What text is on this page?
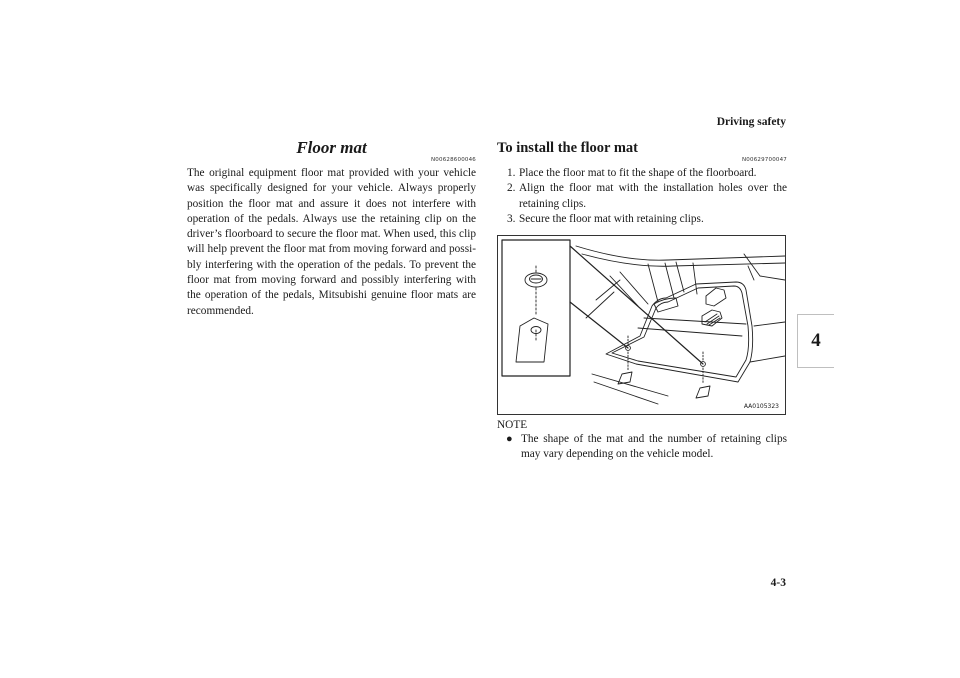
Driving safety
4
Floor mat
N00628600046

The original equipment floor mat provided with your vehicle was specifically designed for your vehicle. Always properly position the floor mat and assure it does not interfere with operation of the pedals. Always use the retaining clip on the driver’s floorboard to secure the floor mat. When used, this clip will help prevent the floor mat from moving forward and possibly interfering with the operation of the pedals. To prevent the floor mat from moving forward and possibly interfering with the operation of the pedals, Mitsubishi genuine floor mats are recommended.

To install the floor mat
N00629700047
1. Place the floor mat to fit the shape of the floorboard.
2. Align the floor mat with the installation holes over the retaining clips.
3. Secure the floor mat with retaining clips.
AA0105323
NOTE
● The shape of the mat and the number of retaining clips may vary depending on the vehicle model.
4-3
